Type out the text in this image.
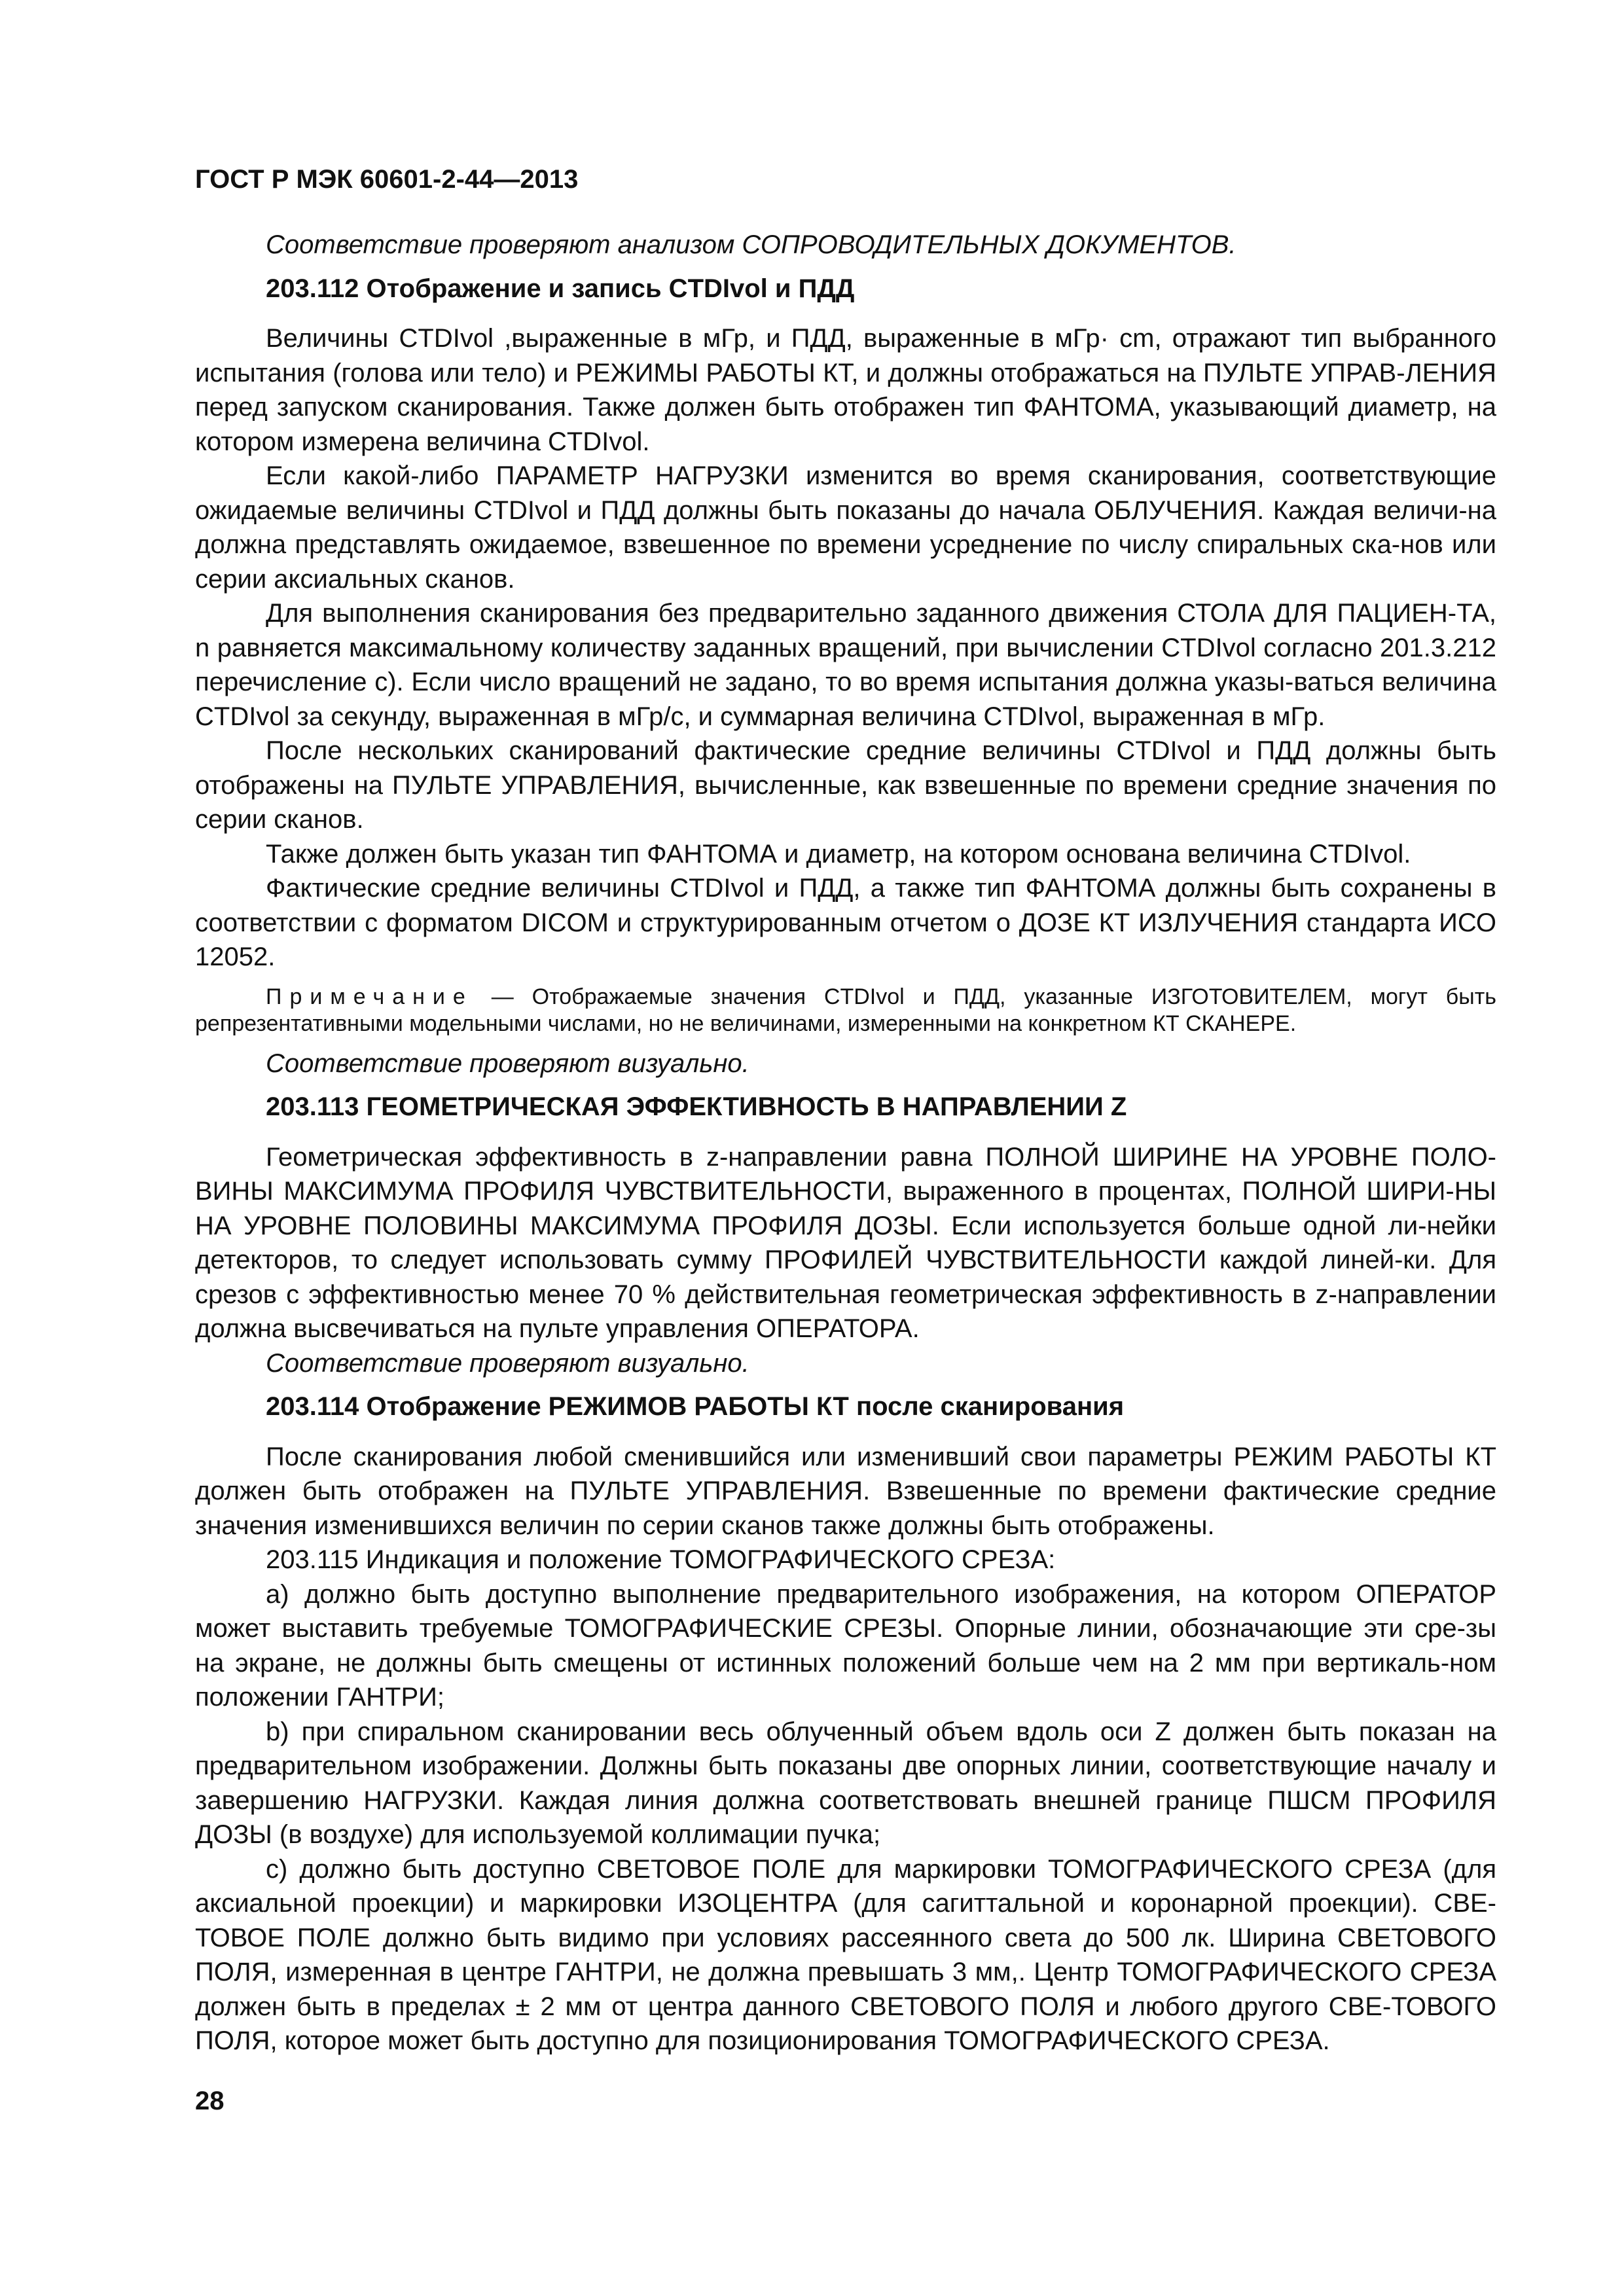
ГОСТ Р МЭК 60601-2-44—2013

Соответствие проверяют анализом СОПРОВОДИТЕЛЬНЫХ ДОКУМЕНТОВ.

203.112 Отображение и запись CTDIvol и ПДД

Величины CTDIvol ,выраженные в мГр, и ПДД, выраженные в мГр· cm, отражают тип выбранного испытания (голова или тело) и РЕЖИМЫ РАБОТЫ КТ, и должны отображаться на ПУЛЬТЕ УПРАВ-ЛЕНИЯ перед запуском сканирования. Также должен быть отображен тип ФАНТОМА, указывающий диаметр, на котором измерена величина CTDIvol.

Если какой-либо ПАРАМЕТР НАГРУЗКИ изменится во время сканирования, соответствующие ожидаемые величины CTDIvol и ПДД должны быть показаны до начала ОБЛУЧЕНИЯ. Каждая величи-на должна представлять ожидаемое, взвешенное по времени усреднение по числу спиральных ска-нов или серии аксиальных сканов.

Для выполнения сканирования без предварительно заданного движения СТОЛА ДЛЯ ПАЦИЕН-ТА, n равняется максимальному количеству заданных вращений, при вычислении CTDIvol согласно 201.3.212 перечисление с). Если число вращений не задано, то во время испытания должна указы-ваться величина CTDIvol за секунду, выраженная в мГр/с, и суммарная величина CTDIvol, выраженная в мГр.

После нескольких сканирований фактические средние величины CTDIvol и ПДД должны быть отображены на ПУЛЬТЕ УПРАВЛЕНИЯ, вычисленные, как взвешенные по времени средние значения по серии сканов.

Также должен быть указан тип ФАНТОМА и диаметр, на котором основана величина CTDIvol.

Фактические средние величины CTDIvol и ПДД, а также тип ФАНТОМА должны быть сохранены в соответствии с форматом DICOM и структурированным отчетом о ДОЗЕ КТ ИЗЛУЧЕНИЯ стандарта ИСО 12052.

Примечание — Отображаемые значения CTDIvol и ПДД, указанные ИЗГОТОВИТЕЛЕМ, могут быть репрезентативными модельными числами, но не величинами, измеренными на конкретном КТ СКАНЕРЕ.

Соответствие проверяют визуально.

203.113 ГЕОМЕТРИЧЕСКАЯ ЭФФЕКТИВНОСТЬ В НАПРАВЛЕНИИ Z

Геометрическая эффективность в z-направлении равна ПОЛНОЙ ШИРИНЕ НА УРОВНЕ ПОЛО-ВИНЫ МАКСИМУМА ПРОФИЛЯ ЧУВСТВИТЕЛЬНОСТИ, выраженного в процентах, ПОЛНОЙ ШИРИ-НЫ НА УРОВНЕ ПОЛОВИНЫ МАКСИМУМА ПРОФИЛЯ ДОЗЫ. Если используется больше одной ли-нейки детекторов, то следует использовать сумму ПРОФИЛЕЙ ЧУВСТВИТЕЛЬНОСТИ каждой линей-ки. Для срезов с эффективностью менее 70 % действительная геометрическая эффективность в z-направлении должна высвечиваться на пульте управления ОПЕРАТОРА.

Соответствие проверяют визуально.

203.114 Отображение РЕЖИМОВ РАБОТЫ КТ после сканирования

После сканирования любой сменившийся или изменивший свои параметры РЕЖИМ РАБОТЫ КТ должен быть отображен на ПУЛЬТЕ УПРАВЛЕНИЯ. Взвешенные по времени фактические средние значения изменившихся величин по серии сканов также должны быть отображены.

203.115 Индикация и положение ТОМОГРАФИЧЕСКОГО СРЕЗА:

а) должно быть доступно выполнение предварительного изображения, на котором ОПЕРАТОР может выставить требуемые ТОМОГРАФИЧЕСКИЕ СРЕЗЫ. Опорные линии, обозначающие эти сре-зы на экране, не должны быть смещены от истинных положений больше чем на 2 мм при вертикаль-ном положении ГАНТРИ;

b) при спиральном сканировании весь облученный объем вдоль оси Z должен быть показан на предварительном изображении. Должны быть показаны две опорных линии, соответствующие началу и завершению НАГРУЗКИ. Каждая линия должна соответствовать внешней границе ПШСМ ПРОФИЛЯ ДОЗЫ (в воздухе) для используемой коллимации пучка;

с) должно быть доступно СВЕТОВОЕ ПОЛЕ для маркировки ТОМОГРАФИЧЕСКОГО СРЕЗА (для аксиальной проекции) и маркировки ИЗОЦЕНТРА (для сагиттальной и коронарной проекции). СВЕ-ТОВОЕ ПОЛЕ должно быть видимо при условиях рассеянного света до 500 лк. Ширина СВЕТОВОГО ПОЛЯ, измеренная в центре ГАНТРИ, не должна превышать 3 мм,. Центр ТОМОГРАФИЧЕСКОГО СРЕЗА должен быть в пределах ± 2 мм от центра данного СВЕТОВОГО ПОЛЯ и любого другого СВЕ-ТОВОГО ПОЛЯ, которое может быть доступно для позиционирования ТОМОГРАФИЧЕСКОГО СРЕЗА.

28
